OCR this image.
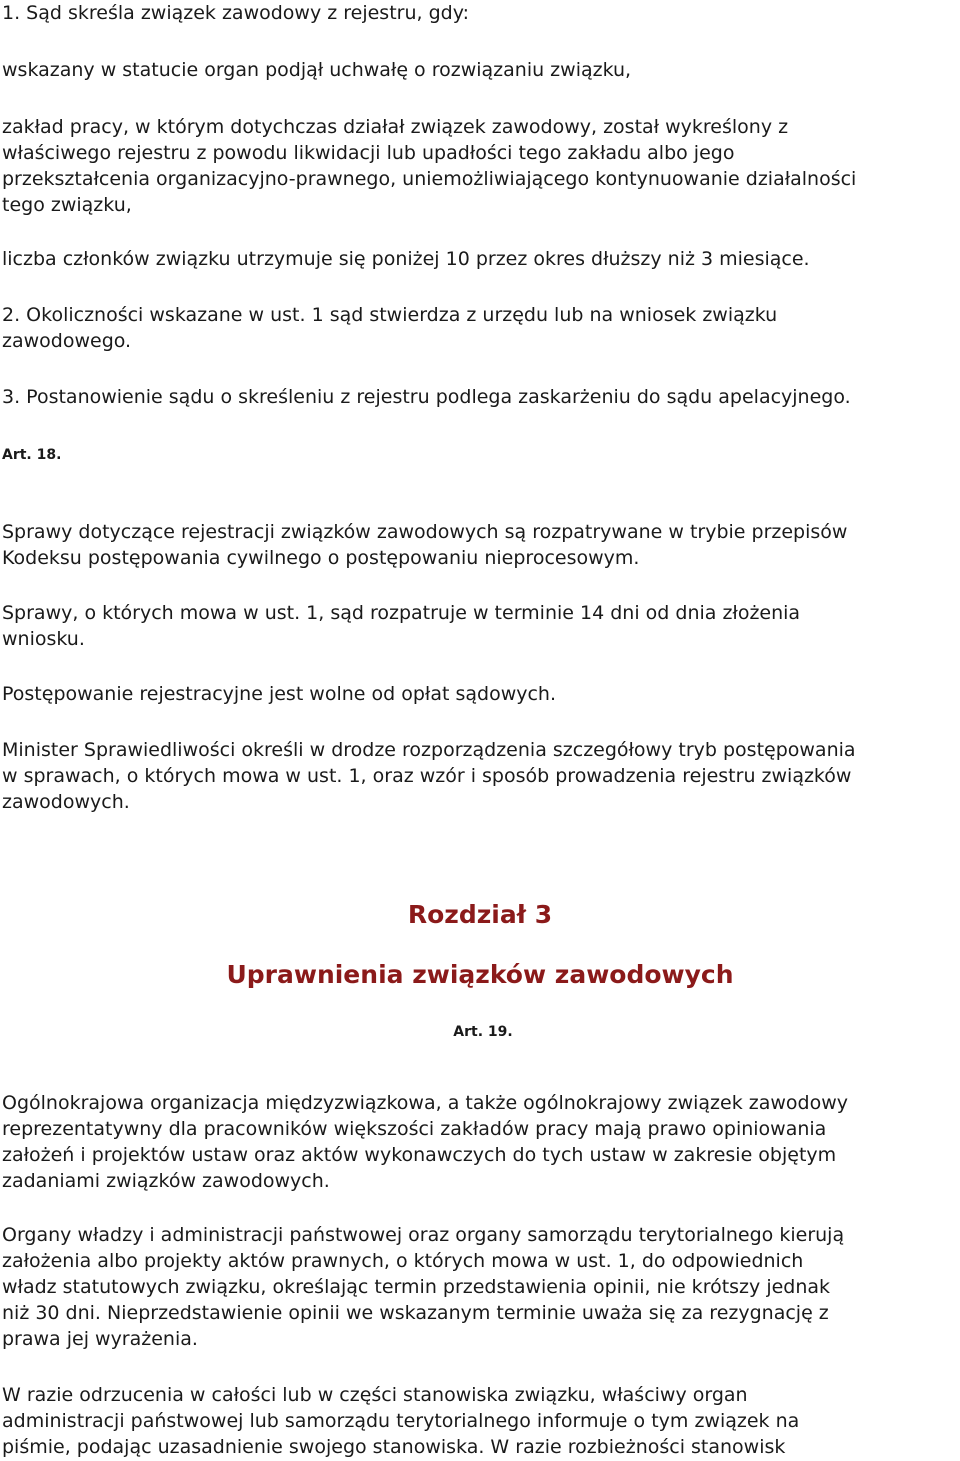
1. Sąd skreśla związek zawodowy z rejestru, gdy:

wskazany w statucie organ podjął uchwałę o rozwiązaniu związku,

zakład pracy, w którym dotychczas działał związek zawodowy, został wykreślony z
właściwego rejestru z powodu likwidacji lub upadłości tego zakładu albo jego
przekształcenia organizacyjno-prawnego, uniemożliwiającego kontynuowanie działalności
tego związku,

liczba członków związku utrzymuje się poniżej 10 przez okres dłuższy niż 3 miesiące.

2. Okoliczności wskazane w ust. 1 sąd stwierdza z urzędu lub na wniosek związku
zawodowego.

3. Postanowienie sądu o skreśleniu z rejestru podlega zaskarżeniu do sądu apelacyjnego.

Art. 18.

Sprawy dotyczące rejestracji związków zawodowych są rozpatrywane w trybie przepisów
Kodeksu postępowania cywilnego o postępowaniu nieprocesowym.

Sprawy, o których mowa w ust. 1, sąd rozpatruje w terminie 14 dni od dnia złożenia
wniosku.

Postępowanie rejestracyjne jest wolne od opłat sądowych.

Minister Sprawiedliwości określi w drodze rozporządzenia szczegółowy tryb postępowania
w sprawach, o których mowa w ust. 1, oraz wzór i sposób prowadzenia rejestru związków
zawodowych.

Rozdział 3
Uprawnienia związków zawodowych

Art. 19.

Ogólnokrajowa organizacja międzyzwiązkowa, a także ogólnokrajowy związek zawodowy
reprezentatywny dla pracowników większości zakładów pracy mają prawo opiniowania
założeń i projektów ustaw oraz aktów wykonawczych do tych ustaw w zakresie objętym
zadaniami związków zawodowych.

Organy władzy i administracji państwowej oraz organy samorządu terytorialnego kierują
założenia albo projekty aktów prawnych, o których mowa w ust. 1, do odpowiednich
władz statutowych związku, określając termin przedstawienia opinii, nie krótszy jednak
niż 30 dni. Nieprzedstawienie opinii we wskazanym terminie uważa się za rezygnację z
prawa jej wyrażenia.

W razie odrzucenia w całości lub w części stanowiska związku, właściwy organ
administracji państwowej lub samorządu terytorialnego informuje o tym związek na
piśmie, podając uzasadnienie swojego stanowiska. W razie rozbieżności stanowisk
